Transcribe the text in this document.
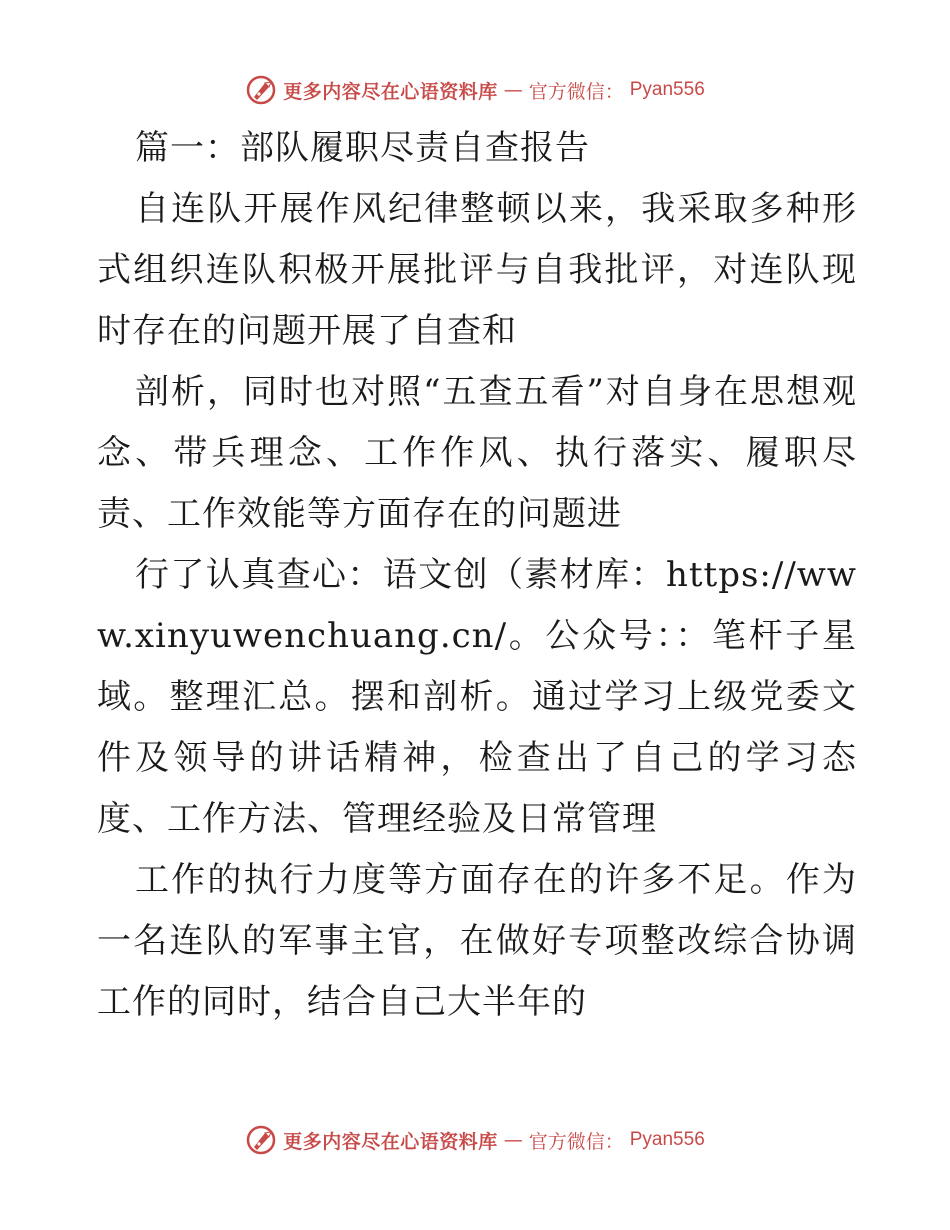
更多内容尽在心语资料库 — 官方微信： Pyan556

篇一：部队履职尽责自查报告

自连队开展作风纪律整顿以来，我采取多种形式组织连队积极开展批评与自我批评，对连队现时存在的问题开展了自查和

剖析，同时也对照“五查五看”对自身在思想观念、带兵理念、工作作风、执行落实、履职尽责、工作效能等方面存在的问题进

行了认真查心：语文创（素材库：https://www.xinyuwenchuang.cn/。公众号：：笔杆子星域。整理汇总。摆和剖析。通过学习上级党委文件及领导的讲话精神，检查出了自己的学习态度、工作方法、管理经验及日常管理

工作的执行力度等方面存在的许多不足。作为一名连队的军事主官，在做好专项整改综合协调工作的同时，结合自己大半年的

更多内容尽在心语资料库 — 官方微信： Pyan556
